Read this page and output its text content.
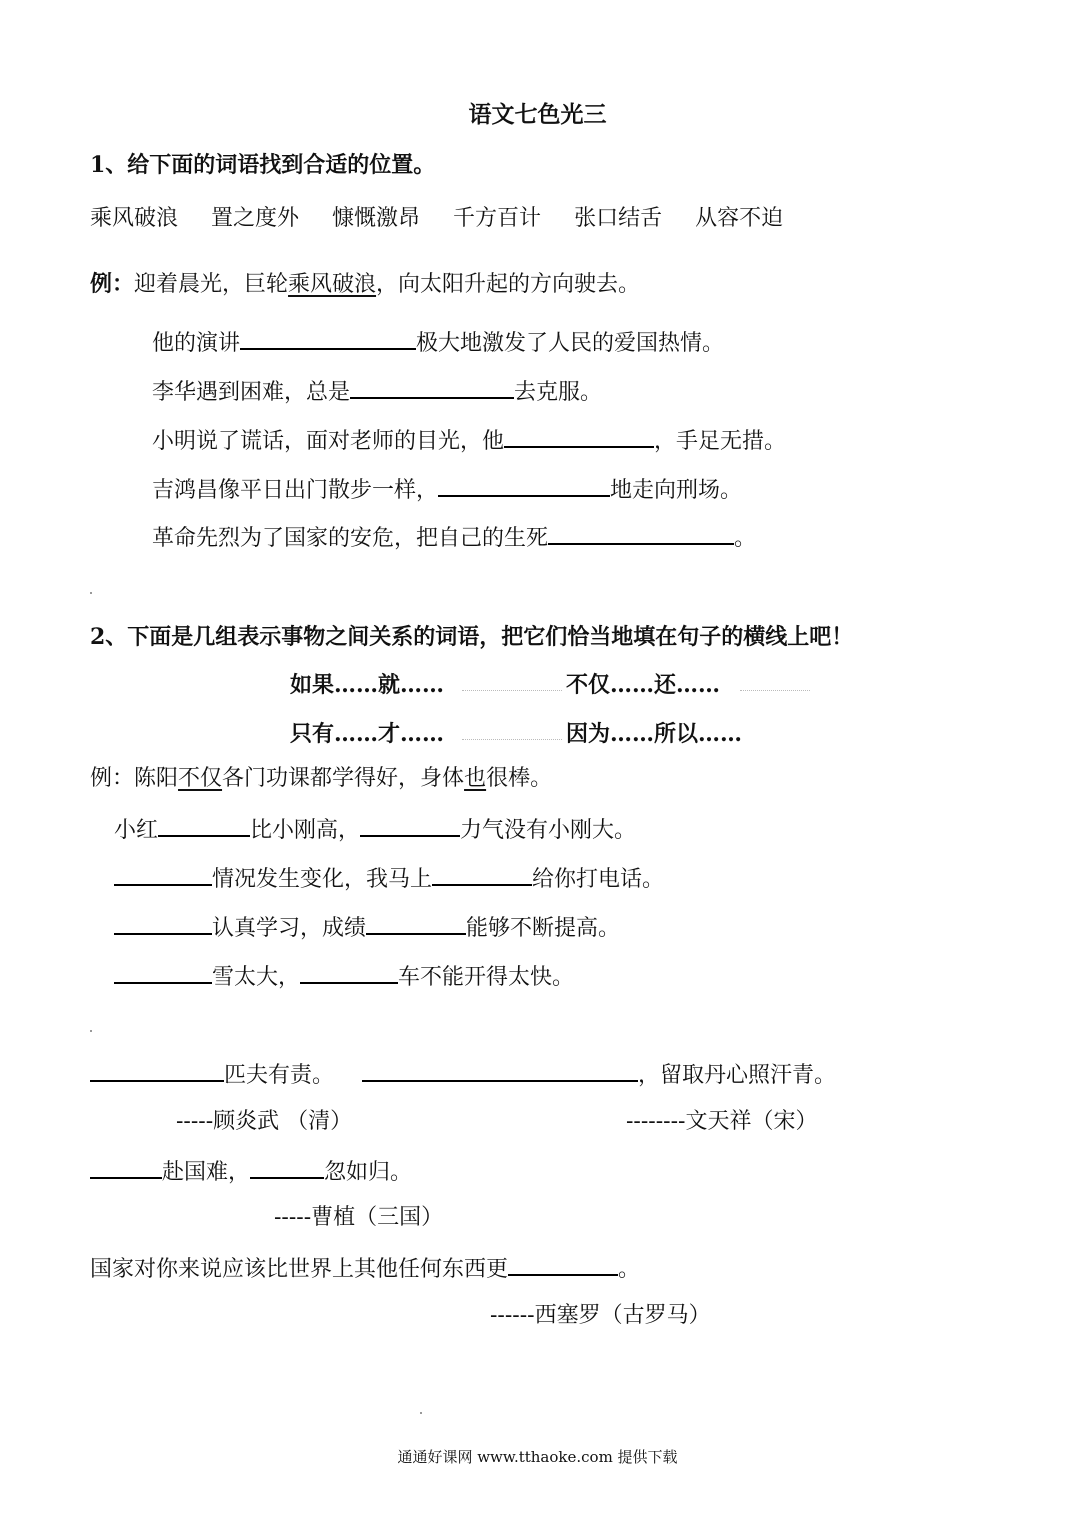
语文七色光三
1、给下面的词语找到合适的位置。
乘风破浪 置之度外 慷慨激昂 千方百计 张口结舌 从容不迫
例：迎着晨光，巨轮乘风破浪，向太阳升起的方向驶去。
他的演讲	极大地激发了人民的爱国热情。
李华遇到困难，总是	去克服。
小明说了谎话，面对老师的目光，他	，手足无措。
吉鸿昌像平日出门散步一样，	地走向刑场。
革命先烈为了国家的安危，把自己的生死	。
2、下面是几组表示事物之间关系的词语，把它们恰当地填在句子的横线上吧！
如果……就……	不仅……还……
只有……才……	因为……所以……
例：陈阳不仅各门功课都学得好，身体也很棒。
小红	比小刚高，	力气没有小刚大。
情况发生变化，我马上	给你打电话。
认真学习，成绩	能够不断提高。
雪太大，	车不能开得太快。
匹夫有责。	，留取丹心照汗青。
-----顾炎武 （清）	--------文天祥（宋）
赴国难，	忽如归。
-----曹植（三国）
国家对你来说应该比世界上其他任何东西更	。
------西塞罗（古罗马）
通通好课网 www.tthaoke.com 提供下载
